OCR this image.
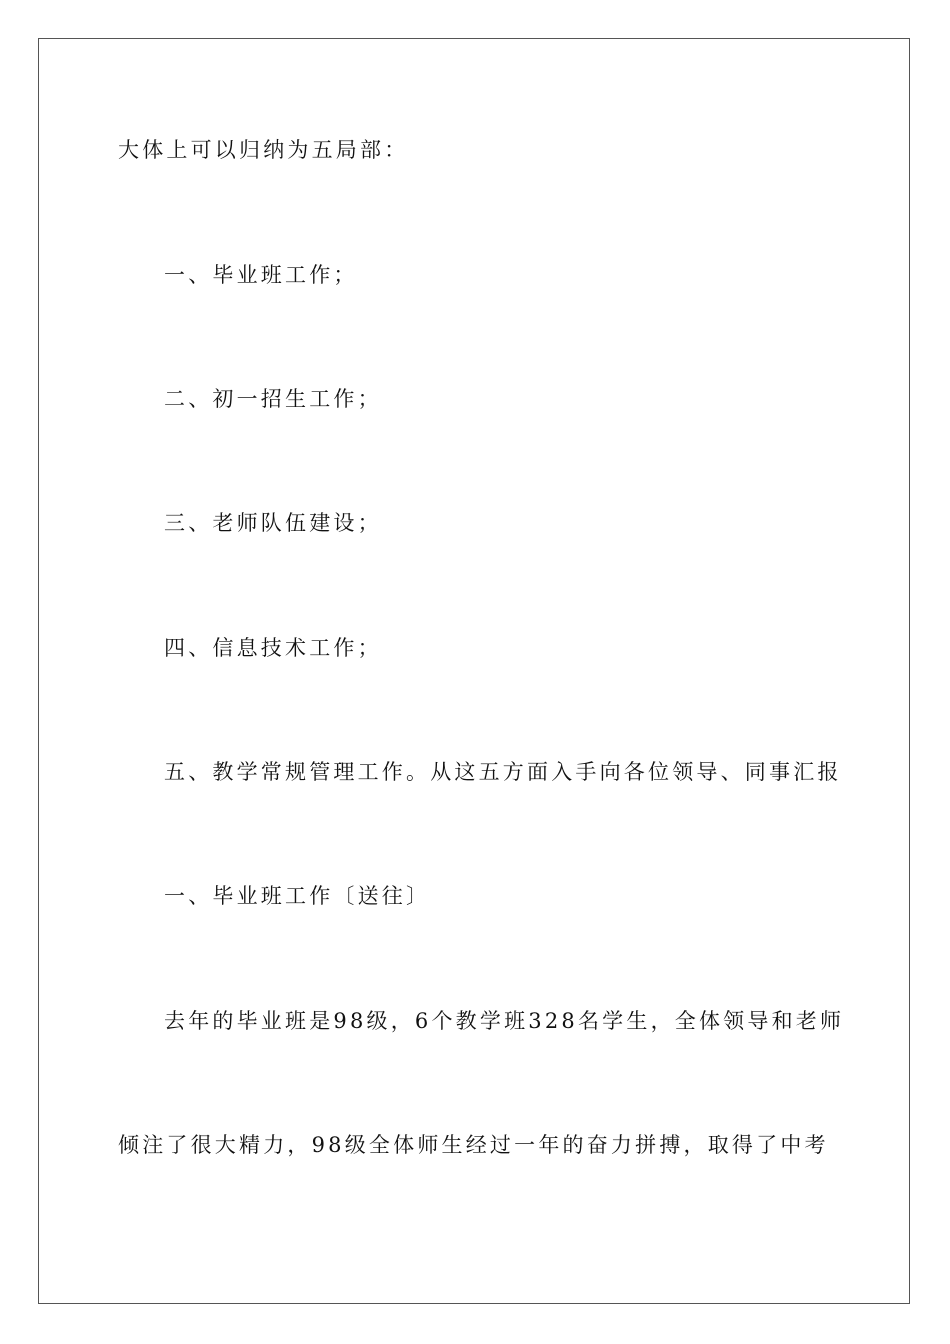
大体上可以归纳为五局部：
一、毕业班工作；
二、初一招生工作；
三、老师队伍建设；
四、信息技术工作；
五、教学常规管理工作。从这五方面入手向各位领导、同事汇报
一、毕业班工作〔送往〕
去年的毕业班是98级，6个教学班328名学生，全体领导和老师
倾注了很大精力，98级全体师生经过一年的奋力拼搏，取得了中考
